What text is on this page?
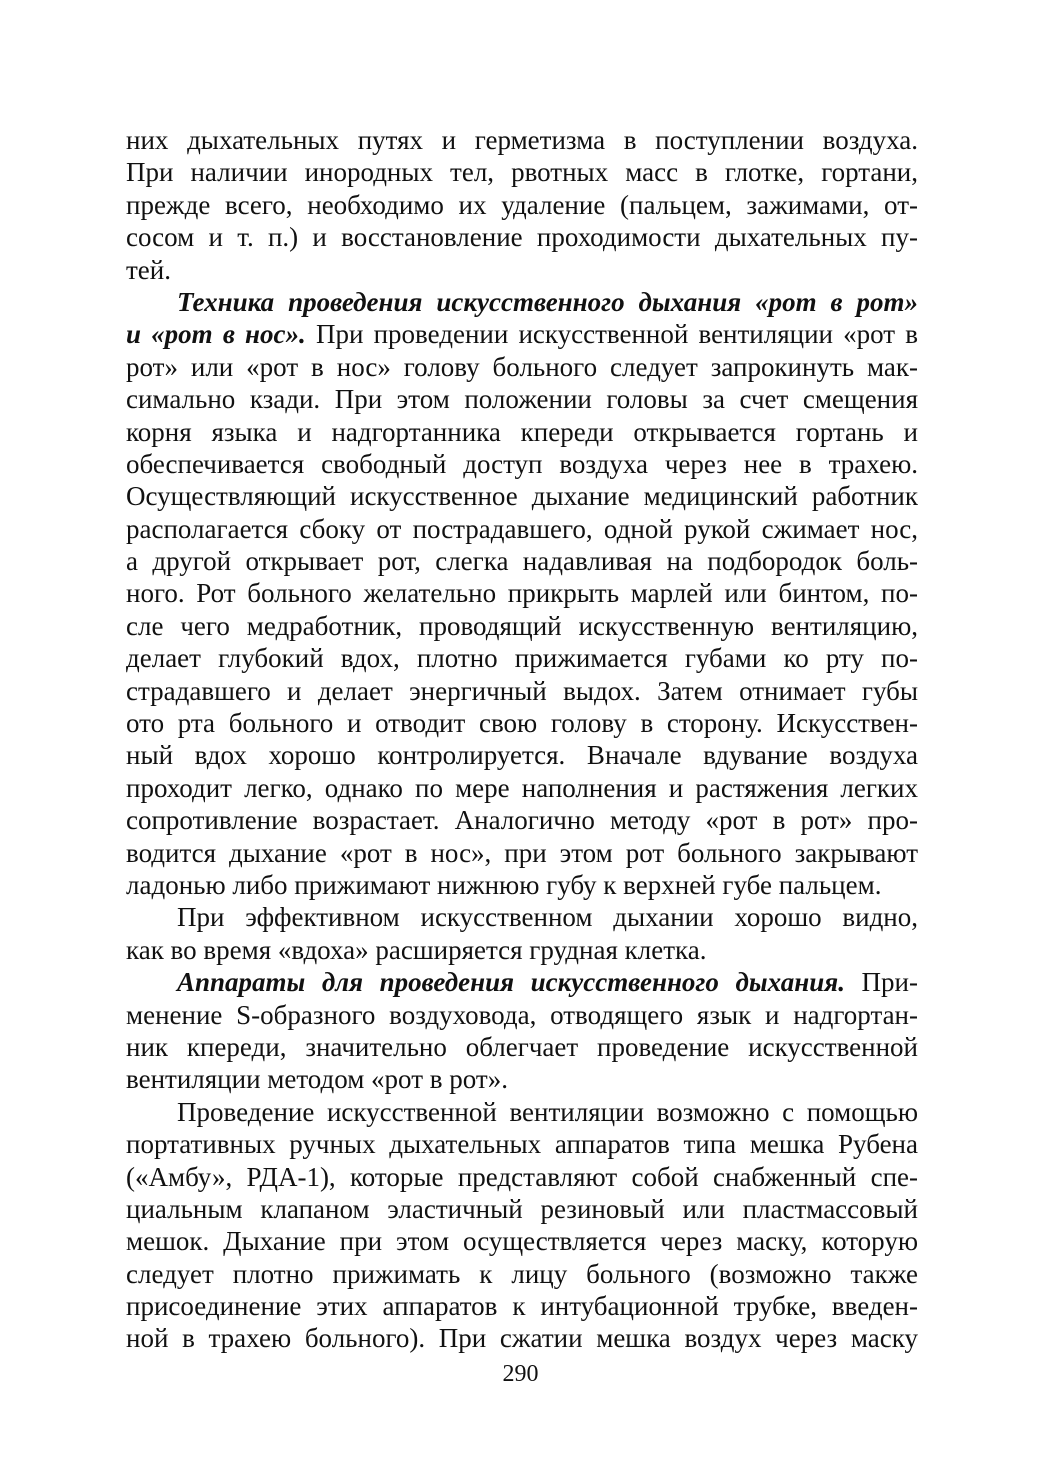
них дыхательных путях и герметизма в поступлении воздуха.
При наличии инородных тел, рвотных масс в глотке, гортани,
прежде всего, необходимо их удаление (пальцем, зажимами, от-
сосом и т. п.) и восстановление проходимости дыхательных пу-
тей.
Техника проведения искусственного дыхания «рот в рот»
и «рот в нос». При проведении искусственной вентиляции «рот в
рот» или «рот в нос» голову больного следует запрокинуть мак-
симально кзади. При этом положении головы за счет смещения
корня языка и надгортанника кпереди открывается гортань и
обеспечивается свободный доступ воздуха через нее в трахею.
Осуществляющий искусственное дыхание медицинский работник
располагается сбоку от пострадавшего, одной рукой сжимает нос,
а другой открывает рот, слегка надавливая на подбородок боль-
ного. Рот больного желательно прикрыть марлей или бинтом, по-
сле чего медработник, проводящий искусственную вентиляцию,
делает глубокий вдох, плотно прижимается губами ко рту по-
страдавшего и делает энергичный выдох. Затем отнимает губы
ото рта больного и отводит свою голову в сторону. Искусствен-
ный вдох хорошо контролируется. Вначале вдувание воздуха
проходит легко, однако по мере наполнения и растяжения легких
сопротивление возрастает. Аналогично методу «рот в рот» про-
водится дыхание «рот в нос», при этом рот больного закрывают
ладонью либо прижимают нижнюю губу к верхней губе пальцем.
При эффективном искусственном дыхании хорошо видно,
как во время «вдоха» расширяется грудная клетка.
Аппараты для проведения искусственного дыхания. При-
менение S-образного воздуховода, отводящего язык и надгортан-
ник кпереди, значительно облегчает проведение искусственной
вентиляции методом «рот в рот».
Проведение искусственной вентиляции возможно с помощью
портативных ручных дыхательных аппаратов типа мешка Рубена
(«Амбу», РДА-1), которые представляют собой снабженный спе-
циальным клапаном эластичный резиновый или пластмассовый
мешок. Дыхание при этом осуществляется через маску, которую
следует плотно прижимать к лицу больного (возможно также
присоединение этих аппаратов к интубационной трубке, введен-
ной в трахею больного). При сжатии мешка воздух через маску
290
